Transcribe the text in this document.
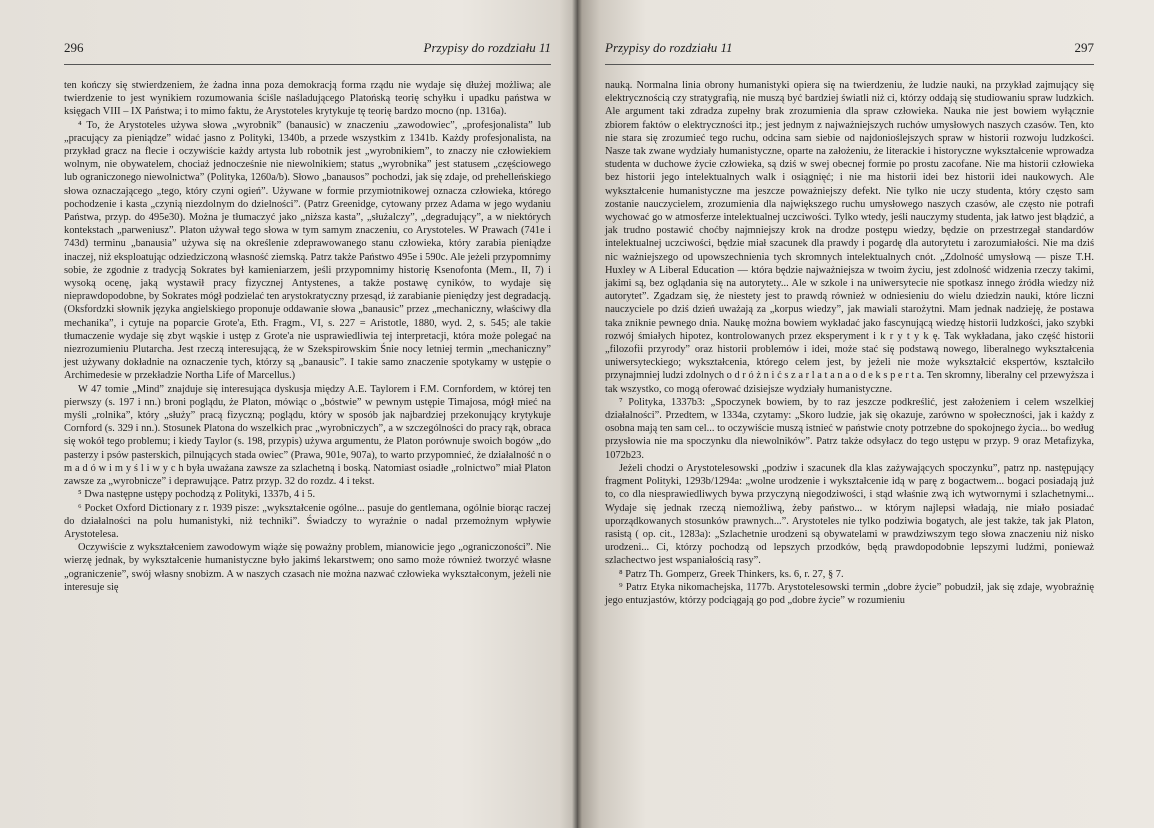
296	Przypisy do rozdziału 11

ten kończy się stwierdzeniem, że żadna inna poza demokracją forma rządu nie wydaje się dłużej możliwa; ale twierdzenie to jest wynikiem rozumowania ściśle naśladującego Platońską teorię schyłku i upadku państwa w księgach VIII – IX Państwa; i to mimo faktu, że Arystoteles krytykuje tę teorię bardzo mocno (np. 1316a).

⁴ To, że Arystoteles używa słowa „wyrobnik” (banausic) w znaczeniu „zawodowiec”, „profesjonalista” lub „pracujący za pieniądze” widać jasno z Polityki, 1340b, a przede wszystkim z 1341b. Każdy profesjonalista, na przykład gracz na flecie i oczywiście każdy artysta lub robotnik jest „wyrobnikiem”, to znaczy nie człowiekiem wolnym, nie obywatelem, chociaż jednocześnie nie niewolnikiem; status „wyrobnika” jest statusem „częściowego lub ograniczonego niewolnictwa” (Polityka, 1260a/b). Słowo „banausos” pochodzi, jak się zdaje, od prehelleńskiego słowa oznaczającego „tego, który czyni ogień”. Używane w formie przymiotnikowej oznacza człowieka, którego pochodzenie i kasta „czynią niezdolnym do dzielności”. (Patrz Greenidge, cytowany przez Adama w jego wydaniu Państwa, przyp. do 495e30). Można je tłumaczyć jako „niższa kasta”, „służalczy”, „degradujący”, a w niektórych kontekstach „parweniusz”. Platon używał tego słowa w tym samym znaczeniu, co Arystoteles. W Prawach (741e i 743d) terminu „banausia” używa się na określenie zdeprawowanego stanu człowieka, który zarabia pieniądze inaczej, niż eksploatując odziedziczoną własność ziemską. Patrz także Państwo 495e i 590c. Ale jeżeli przypomnimy sobie, że zgodnie z tradycją Sokrates był kamieniarzem, jeśli przypomnimy historię Ksenofonta (Mem., II, 7) i wysoką ocenę, jaką wystawił pracy fizycznej Antystenes, a także postawę cyników, to wydaje się nieprawdopodobne, by Sokrates mógł podzielać ten arystokratyczny przesąd, iż zarabianie pieniędzy jest degradacją. (Oksfordzki słownik języka angielskiego proponuje oddawanie słowa „banausic” przez „mechaniczny, właściwy dla mechanika”, i cytuje na poparcie Grote'a, Eth. Fragm., VI, s. 227 = Aristotle, 1880, wyd. 2, s. 545; ale takie tłumaczenie wydaje się zbyt wąskie i ustęp z Grote'a nie usprawiedliwia tej interpretacji, która może polegać na niezrozumieniu Plutarcha. Jest rzeczą interesującą, że w Szekspirowskim Śnie nocy letniej termin „mechaniczny” jest używany dokładnie na oznaczenie tych, którzy są „banausic”. I takie samo znaczenie spotykamy w ustępie o Archimedesie w przekładzie Northa Life of Marcellus.)

W 47 tomie „Mind” znajduje się interesująca dyskusja między A.E. Taylorem i F.M. Cornfordem, w której ten pierwszy (s. 197 i nn.) broni poglądu, że Platon, mówiąc o „bóstwie” w pewnym ustępie Timajosa, mógł mieć na myśli „rolnika”, który „służy” pracą fizyczną; poglądu, który w sposób jak najbardziej przekonujący krytykuje Cornford (s. 329 i nn.). Stosunek Platona do wszelkich prac „wyrobniczych”, a w szczególności do pracy rąk, obraca się wokół tego problemu; i kiedy Taylor (s. 198, przypis) używa argumentu, że Platon porównuje swoich bogów „do pasterzy i psów pasterskich, pilnujących stada owiec” (Prawa, 901e, 907a), to warto przypomnieć, że działalność n o m a d ó w i m y ś l i w y c h była uważana zawsze za szlachetną i boską. Natomiast osiadłe „rolnictwo” miał Platon zawsze za „wyrobnicze” i deprawujące. Patrz przyp. 32 do rozdz. 4 i tekst.

⁵ Dwa następne ustępy pochodzą z Polityki, 1337b, 4 i 5.

⁶ Pocket Oxford Dictionary z r. 1939 pisze: „wykształcenie ogólne... pasuje do gentlemana, ogólnie biorąc raczej do działalności na polu humanistyki, niż techniki”. Świadczy to wyraźnie o nadal przemożnym wpływie Arystotelesa.

Oczywiście z wykształceniem zawodowym wiąże się poważny problem, mianowicie jego „ograniczoności”. Nie wierzę jednak, by wykształcenie humanistyczne było jakimś lekarstwem; ono samo może również tworzyć własne „ograniczenie”, swój własny snobizm. A w naszych czasach nie można nazwać człowieka wykształconym, jeżeli nie interesuje się

Przypisy do rozdziału 11	297

nauką. Normalna linia obrony humanistyki opiera się na twierdzeniu, że ludzie nauki, na przykład zajmujący się elektrycznością czy stratygrafią, nie muszą być bardziej światli niż ci, którzy oddają się studiowaniu spraw ludzkich. Ale argument taki zdradza zupełny brak zrozumienia dla spraw człowieka. Nauka nie jest bowiem wyłącznie zbiorem faktów o elektryczności itp.; jest jednym z najważniejszych ruchów umysłowych naszych czasów. Ten, kto nie stara się zrozumieć tego ruchu, odcina sam siebie od najdonioślejszych spraw w historii rozwoju ludzkości. Nasze tak zwane wydziały humanistyczne, oparte na założeniu, że literackie i historyczne wykształcenie wprowadza studenta w duchowe życie człowieka, są dziś w swej obecnej formie po prostu zacofane. Nie ma historii człowieka bez historii jego intelektualnych walk i osiągnięć; i nie ma historii idei bez historii idei naukowych. Ale wykształcenie humanistyczne ma jeszcze poważniejszy defekt. Nie tylko nie uczy studenta, który często sam zostanie nauczycielem, zrozumienia dla największego ruchu umysłowego naszych czasów, ale często nie potrafi wychować go w atmosferze intelektualnej uczciwości. Tylko wtedy, jeśli nauczymy studenta, jak łatwo jest błądzić, a jak trudno postawić choćby najmniejszy krok na drodze postępu wiedzy, będzie on przestrzegał standardów intelektualnej uczciwości, będzie miał szacunek dla prawdy i pogardę dla autorytetu i zarozumiałości. Nie ma dziś nic ważniejszego od upowszechnienia tych skromnych intelektualnych cnót. „Zdolność umysłową — pisze T.H. Huxley w A Liberal Education — która będzie najważniejsza w twoim życiu, jest zdolność widzenia rzeczy takimi, jakimi są, bez oglądania się na autorytety... Ale w szkole i na uniwersytecie nie spotkasz innego źródła wiedzy niż autorytet”. Zgadzam się, że niestety jest to prawdą również w odniesieniu do wielu dziedzin nauki, które liczni nauczyciele po dziś dzień uważają za „korpus wiedzy”, jak mawiali starożytni. Mam jednak nadzieję, że postawa taka zniknie pewnego dnia. Naukę można bowiem wykładać jako fascynującą wiedzę historii ludzkości, jako szybki rozwój śmiałych hipotez, kontrolowanych przez eksperyment i k r y t y k ę. Tak wykładana, jako część historii „filozofii przyrody” oraz historii problemów i idei, może stać się podstawą nowego, liberalnego wykształcenia uniwersyteckiego; wykształcenia, którego celem jest, by jeżeli nie może wykształcić ekspertów, kształciło przynajmniej ludzi zdolnych o d r ó ż n i ć s z a r l a t a n a o d e k s p e r t a. Ten skromny, liberalny cel przewyższa i tak wszystko, co mogą oferować dzisiejsze wydziały humanistyczne.

⁷ Polityka, 1337b3: „Spoczynek bowiem, by to raz jeszcze podkreślić, jest założeniem i celem wszelkiej działalności”. Przedtem, w 1334a, czytamy: „Skoro ludzie, jak się okazuje, zarówno w społeczności, jak i każdy z osobna mają ten sam cel... to oczywiście muszą istnieć w państwie cnoty potrzebne do spokojnego życia... bo według przysłowia nie ma spoczynku dla niewolników”. Patrz także odsyłacz do tego ustępu w przyp. 9 oraz Metafizyka, 1072b23.

Jeżeli chodzi o Arystotelesowski „podziw i szacunek dla klas zażywających spoczynku”, patrz np. następujący fragment Polityki, 1293b/1294a: „wolne urodzenie i wykształcenie idą w parę z bogactwem... bogaci posiadają już to, co dla niesprawiedliwych bywa przyczyną niegodziwości, i stąd właśnie zwą ich wytwornymi i szlachetnymi... Wydaje się jednak rzeczą niemożliwą, żeby państwo... w którym najlepsi władają, nie miało posiadać uporządkowanych stosunków prawnych...”. Arystoteles nie tylko podziwia bogatych, ale jest także, tak jak Platon, rasistą ( op. cit., 1283a): „Szlachetnie urodzeni są obywatelami w prawdziwszym tego słowa znaczeniu niż nisko urodzeni... Ci, którzy pochodzą od lepszych przodków, będą prawdopodobnie lepszymi ludźmi, ponieważ szlachectwo jest wspaniałością rasy”.

⁸ Patrz Th. Gomperz, Greek Thinkers, ks. 6, r. 27, § 7.

⁹ Patrz Etyka nikomachejska, 1177b. Arystotelesowski termin „dobre życie” pobudził, jak się zdaje, wyobraźnię jego entuzjastów, którzy podciągają go pod „dobre życie” w rozumieniu
